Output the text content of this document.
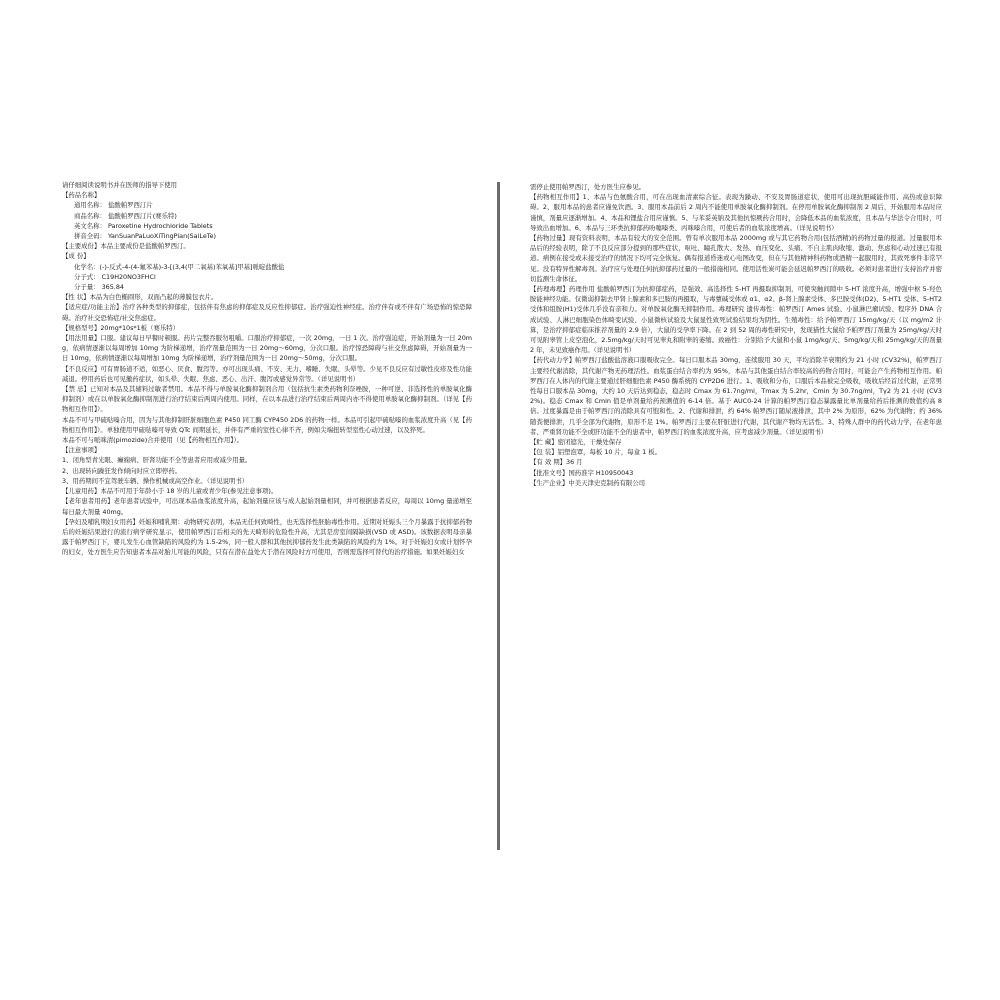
请仔细阅读说明书并在医师的指导下使用

【药品名称】

通用名称： 盐酸帕罗西汀片

商品名称： 盐酸帕罗西汀片(赛乐特)

英文名称： Paroxetine Hydrochloride Tablets

拼音全码： YanSuanPaLuoXiTingPian(SaiLeTe)

【主要成份】本品主要成份是盐酸帕罗西汀。

【成 份】

化学名：(-)-反式-4-(4-氟苯基)-3-[(3,4(甲二氧基)苯氧基]甲基]哌啶盐酸盐

分子式： C19H20NO3FHCl

分子量： 365.84

【性 状】本品为白色椭圆形，双面凸起的薄膜包衣片。

【适应症/功能主治】治疗各种类型的抑郁症，包括伴有焦虑的抑郁症及反应性抑郁症。治疗强迫性神经症。治疗伴有或不伴有广场恐怖的惊恐障碍。治疗社交恐怖症/社交焦虑症。

【规格型号】20mg*10s*1板（赛乐特）

【用法用量】口服。建议每日早餐时顿服。药片完整吞服勿咀嚼。口服治疗抑郁症，一次 20mg，一日 1 次。治疗强迫症，开始剂量为一日 20mg，依病情逐渐以每周增加 10mg 为阶梯递增，治疗剂量范围为一日 20mg～60mg，分次口服。治疗惊恐障碍与社交焦虑障碍，开始剂量为一日 10mg，依病情逐渐以每周增加 10mg 为阶梯递增，治疗剂量范围为一日 20mg～50mg，分次口服。

【不良反应】可有胃肠道不适，如恶心、厌食、腹泻等。亦可出现头痛、不安、无力、嗜睡、失眠、头晕等。少见不良反应有过敏性皮疹及性功能减退。停用药后也可见撤药症状，如头晕、失眠、焦虑、恶心、出汗、腹泻或感觉异常等。（详见说明书）

【禁 忌】已知对本品及其辅料过敏者禁用。本品不得与单胺氧化酶抑制剂合用（包括抗生素类药物利奈唑胺，一种可逆、非选择性的单胺氧化酶抑制剂）或在以单胺氧化酶抑制剂进行治疗结束后两周内使用。同样，在以本品进行治疗结束后两周内亦不得使用单胺氧化酶抑制剂。（详见【药物相互作用】）。

本品不可与甲硫哒嗪合用，因为与其他抑制肝脏细胞色素 P450 同工酶 CYP450 2D6 的药物一样。本品可引起甲硫哒嗪的血浆浓度升高（见【药物相互作用】）。单独使用甲硫哒嗪可导致 QTc 间期延长，并伴有严重的室性心律不齐，例如尖端扭转型室性心动过速，以及猝死。

本品不可与哌咪清(pimozide)合并使用（见【药物相互作用】）。

【注意事项】

1、闭角型青光眼、癫痫病、肝肾功能不全等患者应用或减少用量。

2、出现转向躁狂发作倾向时应立即停药。

3、用药期间不宜驾驶车辆、操作机械或高空作业。（详见说明书）

【儿童用药】本品不可用于年龄小于 18 岁的儿童或青少年(参见注意事项)。

【老年患者用药】老年患者试验中，可出现本品血浆浓度升高，起始剂量应该与成人起始剂量相同，并可根据患者反应，每周以 10mg 量递增至每日最大剂量 40mg。

【孕妇及哺乳期妇女用药】妊娠和哺乳期：动物研究表明，本品无任何致畸性，也无选择性胚胎毒性作用。近期对妊娠头三个月暴露于抗抑郁药物后的妊娠结果进行的流行病学研究显示，使用帕罗西汀后相关的先天畸形的危险性升高，尤其是房室间隔缺损(VSD 或 ASD)。该数据表明母亲暴露于帕罗西汀下，婴儿发生心血管缺陷的风险约为 1.5-2%，同一般人群和其他抗抑郁药发生此类缺陷的风险约为 1%。对于妊娠妇女或计划怀孕的妇女，处方医生应告知患者本品对胎儿可能的风险，只有在潜在益处大于潜在风险时方可使用，否则需选择可替代的治疗措施。如果妊娠妇女

需停止使用帕罗西汀，处方医生应参见。

【药物相互作用】1、本品与色氨酸合用，可在出现血清素综合征。表现为躁动、不安及胃肠道症状，使用可出现抗胆碱能作用、高热或意识障碍。2、服用本品的患者应谨免饮酒。3、服用本品前后 2 周内不能使用单胺氧化酶抑制剂。在停用单胺氧化酶抑制剂 2 周后，开始服用本品时应谨慎，剂量应逐渐增加。4、本品和锂盐合用应谨慎。5、与苯妥英钠及其他抗惊厥药合用时，会降低本品的血浆浓度，且本品与华法令合用时，可导致出血增加。6、本品与三环类抗抑郁药吩噻嗪类、丙咪嗪合用，可使后者的血浆浓度增高。（详见说明书）

【药物过量】现有资料表明，本品有较大的安全范围。曾有单次服用本品 2000mg 或与其它药物合用(包括酒精)的药物过量的报道。过量服用本品后的经验表明，除了不良反应部分提到的那些症状，呕吐、瞳孔散大、发热、血压变化、头痛、不自主肌肉收缩、激动、焦虑和心动过速已有报道。病例在接受或未接受治疗的情况下均可完全恢复。偶有报道昏迷或心电图改变，但在与其他精神科药物或酒精一起服用时，其致死事件非常罕见。没有特异性解毒剂。治疗应与处理任何抗抑郁药过量的一般措施相同。使用活性炭可能会延迟帕罗西汀的吸收。必须对患者进行支持治疗并密切监测生命体征。

【药理毒理】药理作用 盐酸帕罗西汀为抗抑郁症药，是强效、高选择性 5-HT 再摄取抑制剂，可使突触间隙中 5-HT 浓度升高，增强中枢 5-羟色胺能神经功能。仅微弱抑制去甲肾上腺素和多巴胺的再摄取，与毒蕈碱受体或 α1、α2、β-肾上腺素受体、多巴胺受体(D2)、5-HT1 受体、5-HT2 受体和组胺(H1)受体几乎没有亲和力。对单胺氧化酶无抑制作用。毒理研究 遗传毒性：帕罗西汀 Ames 试验、小鼠淋巴瘤试验、程序外 DNA 合成试验、人淋巴细胞染色体畸变试验、小鼠微核试验及大鼠显性致死试验结果均为阴性。生殖毒性：给予帕罗西汀 15mg/kg/天（以 mg/m2 计算，是治疗抑郁症临床推荐剂量的 2.9 倍），大鼠的受孕率下降。在 2 到 52 周的毒性研究中，发现猫性大鼠给予帕罗西汀剂量为 25mg/kg/天时可见附睾管上皮空泡化，2.5mg/kg/天时可见睾丸和附睾的萎缩。致癌性：分别给予大鼠和小鼠 1mg/kg/天、5mg/kg/天和 25mg/kg/天的剂量 2 年，未见致癌作用。（详见说明书）

【药代动力学】帕罗西汀盐酸盐溶液口服吸收完全。每日口服本品 30mg，连续服用 30 天，平均消除半衰期约为 21 小时 (CV32%)，帕罗西汀主要经代谢消除，其代谢产物无药理活性。血浆蛋白结合率约为 95%，本品与其他蛋白结合率较高的药物合用时，可能会产生药物相互作用。帕罗西汀在人体内的代谢主要通过肝细胞色素 P450 酶系统的 CYP2D6 进行。1、吸收和分布，口服后本品被完全吸收，吸收后经首过代谢，正常男性每日口服本品 30mg，大约 10 天后达到稳态，稳态时 Cmax 为 61.7ng/ml，Tmax 为 5.2hr，Cmin 为 30.7ng/ml，Tγ2 为 21 小时 (CV32%)。稳态 Cmax 和 Cmin 值是单剂量给药预测值的 6-14 倍。基于 AUC0-24 计算的帕罗西汀稳态暴露量比单剂量给药后推测的数值约高 8 倍。过度暴露是由于帕罗西汀的消除具有可饱和性。2、代谢和排泄，约 64% 帕罗西汀随尿液排泄，其中 2% 为原形，62% 为代谢物；约 36% 随粪便排泄，几乎全部为代谢物，原形不足 1%。帕罗西汀主要在肝脏进行代谢，其代谢产物均无活性。3、特殊人群中的药代动力学，在老年患者、严重肾功能不全或肝功能不全的患者中，帕罗西汀的血浆浓度升高，应考虑减少剂量。（详见说明书）

【贮 藏】密闭遮光，干燥处保存

【包 装】铝塑泡罩，每板 10 片，每盒 1 板。

【有 效 期】36 月

【批准文号】国药准字 H10950043

【生产企业】中美天津史克制药有限公司
